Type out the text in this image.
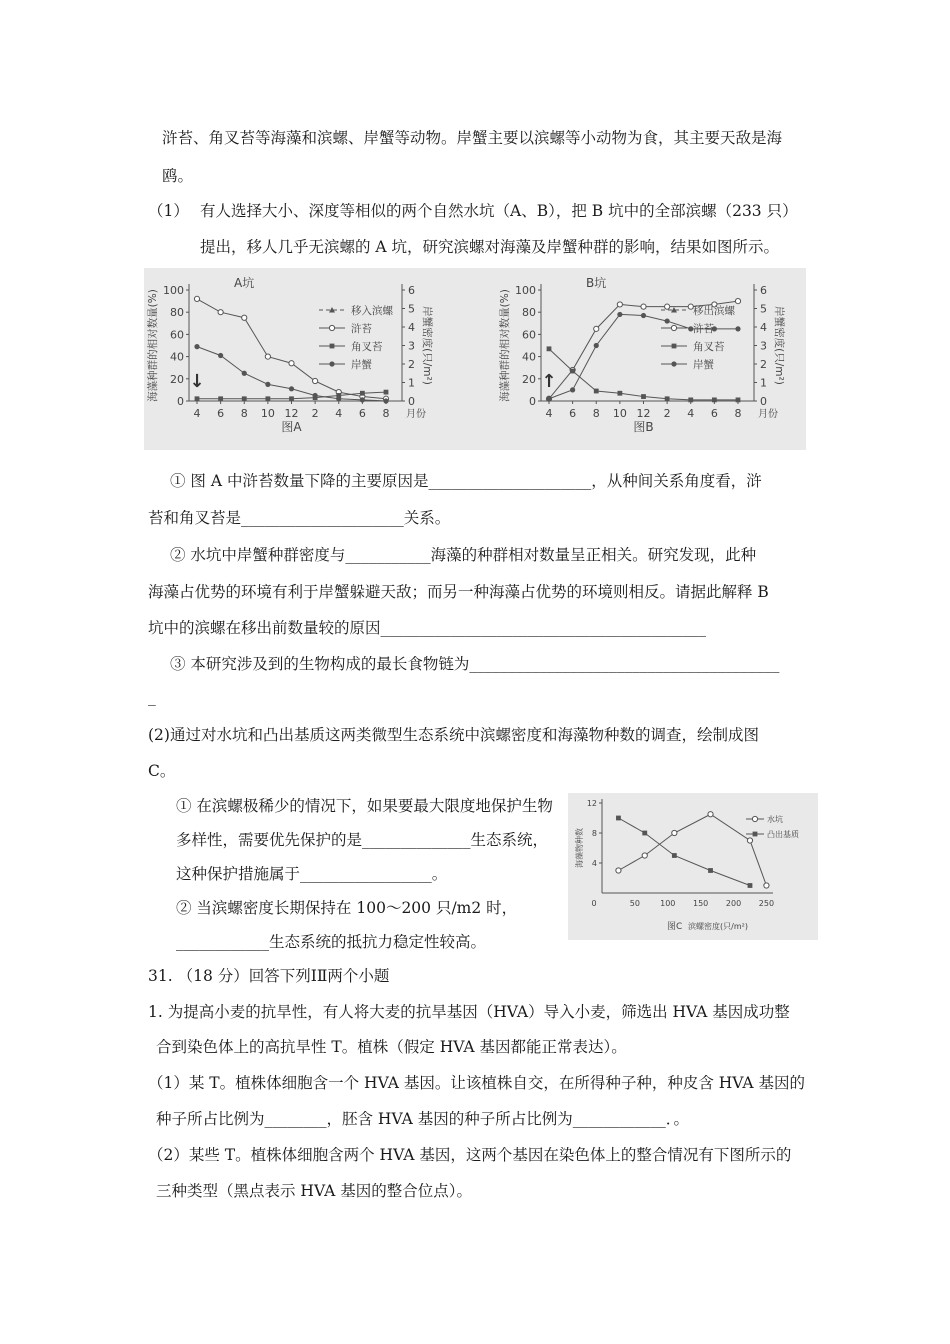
浒苔、角叉苔等海藻和滨螺、岸蟹等动物。岸蟹主要以滨螺等小动物为食，其主要天敌是海
鸥。
（1） 有人选择大小、深度等相似的两个自然水坑（A、B），把 B 坑中的全部滨螺（233 只）
提出，移人几乎无滨螺的 A 坑，研究滨螺对海藻及岸蟹种群的影响，结果如图所示。
0
20
40
60
80
100
0
1
2
3
4
5
6
4 6 8 10 12 2 4 6 8 月份
A坑
图A
海藻种群的相对数量(%)	岸蟹密度(只/m²)
↓
移入滨螺
浒苔
角叉苔
岸蟹
0
20
40
60
80
100
0
1
2
3
4
5
6
4 6 8 10 12 2 4 6 8 月份
B坑
图B
海藻种群的相对数量(%)	岸蟹密度(只/m²)
↑
移出滨螺
浒苔
角叉苔
岸蟹
① 图 A 中浒苔数量下降的主要原因是_____________________，从种间关系角度看，浒
苔和角叉苔是_____________________关系。
② 水坑中岸蟹种群密度与___________海藻的种群相对数量呈正相关。研究发现，此种
海藻占优势的环境有利于岸蟹躲避天敌；而另一种海藻占优势的环境则相反。请据此解释 B
坑中的滨螺在移出前数量较的原因__________________________________________
③ 本研究涉及到的生物构成的最长食物链为________________________________________
_
(2)通过对水坑和凸出基质这两类微型生态系统中滨螺密度和海藻物种数的调查，绘制成图
C。
① 在滨螺极稀少的情况下，如果要最大限度地保护生物
多样性，需要优先保护的是______________生态系统，
这种保护措施属于_________________。
② 当滨螺密度长期保持在 100～200 只/m2 时，
____________生态系统的抵抗力稳定性较高。
4
8
12
0	50	100 150 200 250
图C 滨螺密度(只/m²)
海藻物种数
水坑
凸出基质
31. （18 分）回答下列ⅠⅡ两个小题
1. 为提高小麦的抗旱性，有人将大麦的抗旱基因（HVA）导入小麦，筛选出 HVA 基因成功整
合到染色体上的高抗旱性 T。植株（假定 HVA 基因都能正常表达）。
（1）某 T。植株体细胞含一个 HVA 基因。让该植株自交，在所得种子种，种皮含 HVA 基因的
种子所占比例为________，胚含 HVA 基因的种子所占比例为____________．。
（2）某些 T。植株体细胞含两个 HVA 基因，这两个基因在染色体上的整合情况有下图所示的
三种类型（黑点表示 HVA 基因的整合位点）。
